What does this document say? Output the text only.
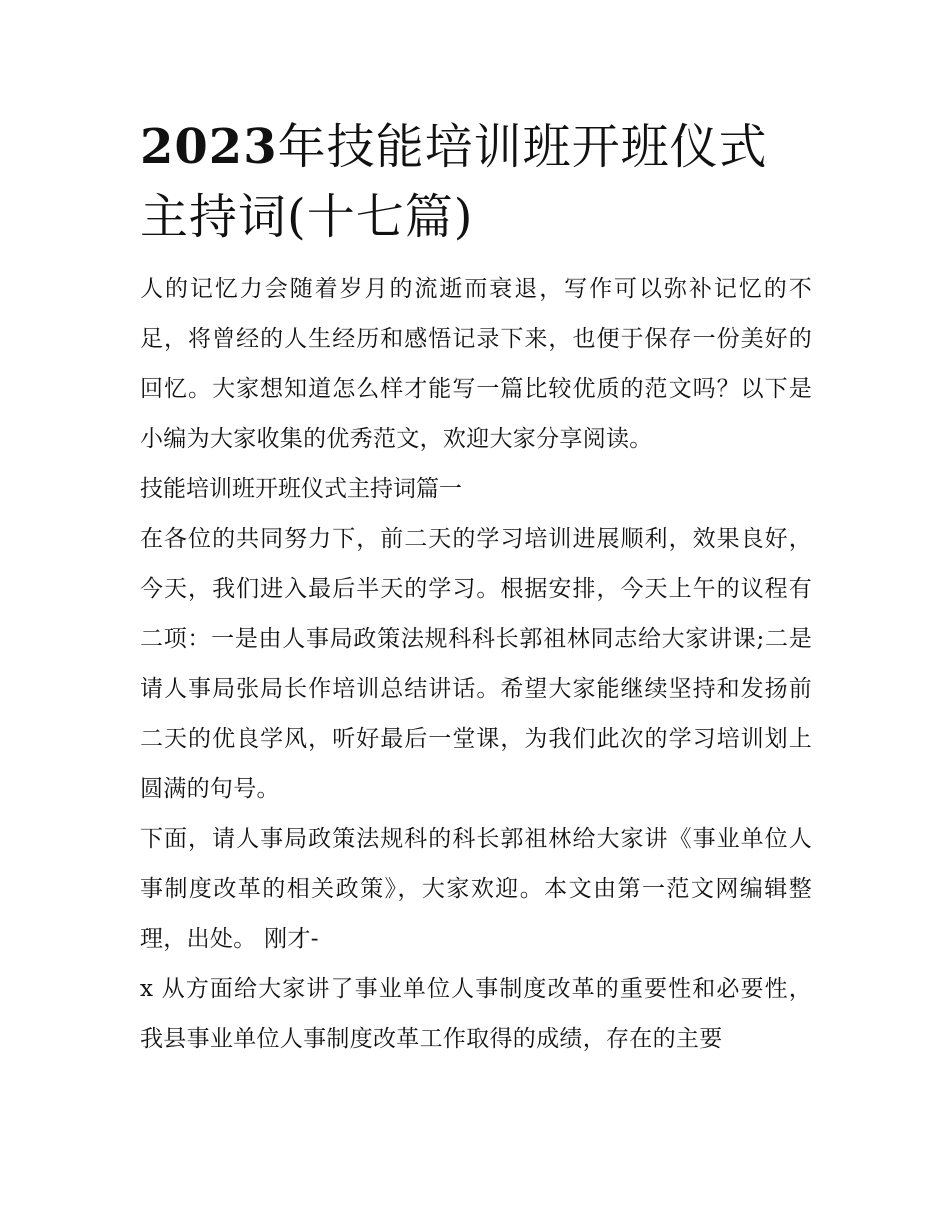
2023年技能培训班开班仪式主持词(十七篇)

人的记忆力会随着岁月的流逝而衰退，写作可以弥补记忆的不足，将曾经的人生经历和感悟记录下来，也便于保存一份美好的回忆。大家想知道怎么样才能写一篇比较优质的范文吗？以下是小编为大家收集的优秀范文，欢迎大家分享阅读。

技能培训班开班仪式主持词篇一

在各位的共同努力下，前二天的学习培训进展顺利，效果良好，今天，我们进入最后半天的学习。根据安排，今天上午的议程有二项：一是由人事局政策法规科科长郭祖林同志给大家讲课;二是请人事局张局长作培训总结讲话。希望大家能继续坚持和发扬前二天的优良学风，听好最后一堂课，为我们此次的学习培训划上圆满的句号。

下面，请人事局政策法规科的科长郭祖林给大家讲《事业单位人事制度改革的相关政策》，大家欢迎。本文由第一范文网编辑整理，出处。 刚才-

x 从方面给大家讲了事业单位人事制度改革的重要性和必要性，我县事业单位人事制度改革工作取得的成绩，存在的主要
